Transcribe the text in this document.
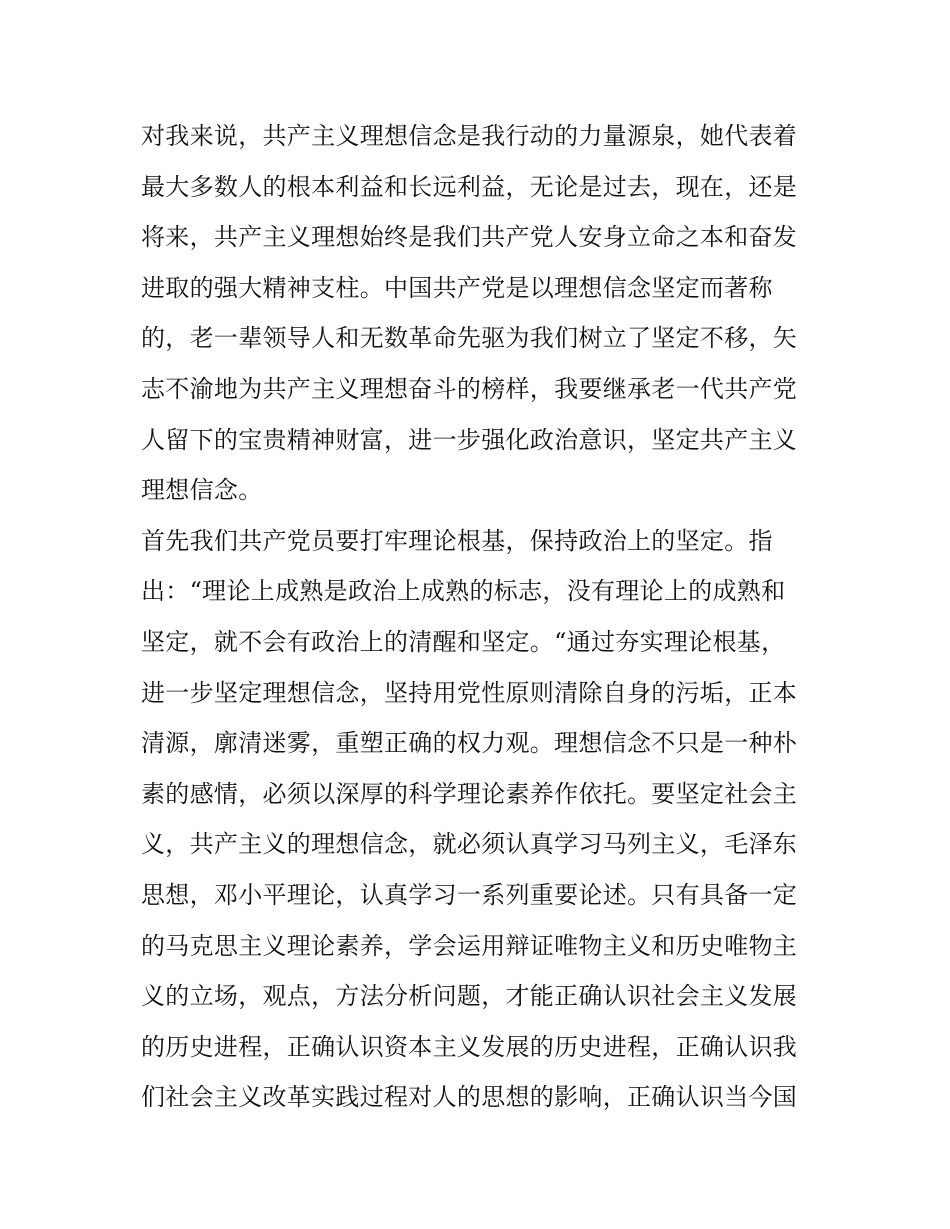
对我来说，共产主义理想信念是我行动的力量源泉，她代表着
最大多数人的根本利益和长远利益，无论是过去，现在，还是
将来，共产主义理想始终是我们共产党人安身立命之本和奋发
进取的强大精神支柱。中国共产党是以理想信念坚定而著称
的，老一辈领导人和无数革命先驱为我们树立了坚定不移，矢
志不渝地为共产主义理想奋斗的榜样，我要继承老一代共产党
人留下的宝贵精神财富，进一步强化政治意识，坚定共产主义
理想信念。
首先我们共产党员要打牢理论根基，保持政治上的坚定。指
出：“理论上成熟是政治上成熟的标志，没有理论上的成熟和
坚定，就不会有政治上的清醒和坚定。“通过夯实理论根基，
进一步坚定理想信念，坚持用党性原则清除自身的污垢，正本
清源，廓清迷雾，重塑正确的权力观。理想信念不只是一种朴
素的感情，必须以深厚的科学理论素养作依托。要坚定社会主
义，共产主义的理想信念，就必须认真学习马列主义，毛泽东
思想，邓小平理论，认真学习一系列重要论述。只有具备一定
的马克思主义理论素养，学会运用辩证唯物主义和历史唯物主
义的立场，观点，方法分析问题，才能正确认识社会主义发展
的历史进程，正确认识资本主义发展的历史进程，正确认识我
们社会主义改革实践过程对人的思想的影响，正确认识当今国
